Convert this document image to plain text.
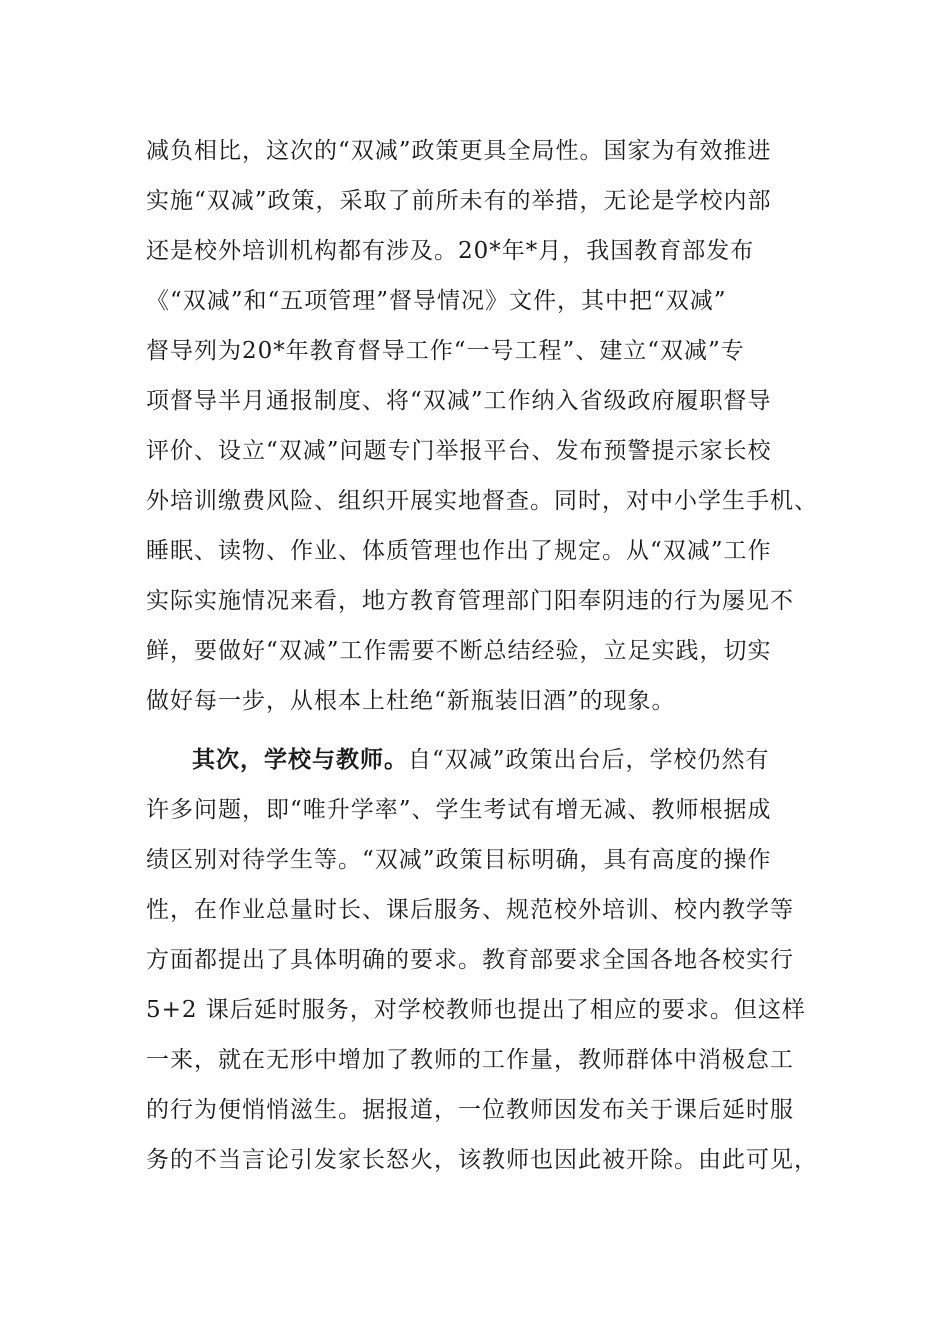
减负相比，这次的“双减”政策更具全局性。国家为有效推进
实施“双减”政策，采取了前所未有的举措，无论是学校内部
还是校外培训机构都有涉及。20*年*月，我国教育部发布
《“双减”和“五项管理”督导情况》文件，其中把“双减”
督导列为20*年教育督导工作“一号工程”、建立“双减”专
项督导半月通报制度、将“双减”工作纳入省级政府履职督导
评价、设立“双减”问题专门举报平台、发布预警提示家长校
外培训缴费风险、组织开展实地督查。同时，对中小学生手机、
睡眠、读物、作业、体质管理也作出了规定。从“双减”工作
实际实施情况来看，地方教育管理部门阳奉阴违的行为屡见不
鲜，要做好“双减”工作需要不断总结经验，立足实践，切实
做好每一步，从根本上杜绝“新瓶装旧酒”的现象。
其次，学校与教师。自“双减”政策出台后，学校仍然有
许多问题，即“唯升学率”、学生考试有增无减、教师根据成
绩区别对待学生等。“双减”政策目标明确，具有高度的操作
性，在作业总量时长、课后服务、规范校外培训、校内教学等
方面都提出了具体明确的要求。教育部要求全国各地各校实行
5+2 课后延时服务，对学校教师也提出了相应的要求。但这样
一来，就在无形中增加了教师的工作量，教师群体中消极怠工
的行为便悄悄滋生。据报道，一位教师因发布关于课后延时服
务的不当言论引发家长怒火，该教师也因此被开除。由此可见，
